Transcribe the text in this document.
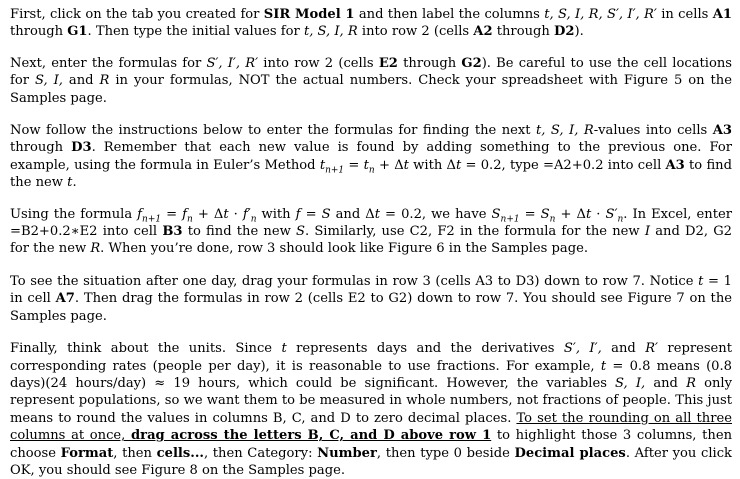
First, click on the tab you created for SIR Model 1 and then label the columns t, S, I, R, S′, I′, R′ in cells A1 through G1. Then type the initial values for t, S, I, R into row 2 (cells A2 through D2).

Next, enter the formulas for S′, I′, R′ into row 2 (cells E2 through G2). Be careful to use the cell locations for S, I, and R in your formulas, NOT the actual numbers. Check your spreadsheet with Figure 5 on the Samples page.

Now follow the instructions below to enter the formulas for finding the next t, S, I, R-values into cells A3 through D3. Remember that each new value is found by adding something to the previous one. For example, using the formula in Euler’s Method $t_{n+1} = t_n + \Delta t$ with Δt = 0.2, type =A2+0.2 into cell A3 to find the new t.

Using the formula $f_{n+1} = f_n + \Delta t \cdot f'_n$ with f = S and Δt = 0.2, we have $S_{n+1} = S_n + \Delta t \cdot S'_n$. In Excel, enter =B2+0.2∗E2 into cell B3 to find the new S. Similarly, use C2, F2 in the formula for the new I and D2, G2 for the new R. When you’re done, row 3 should look like Figure 6 in the Samples page.

To see the situation after one day, drag your formulas in row 3 (cells A3 to D3) down to row 7. Notice t = 1 in cell A7. Then drag the formulas in row 2 (cells E2 to G2) down to row 7. You should see Figure 7 on the Samples page.

Finally, think about the units. Since t represents days and the derivatives S′, I′, and R′ represent corresponding rates (people per day), it is reasonable to use fractions. For example, t = 0.8 means (0.8 days)(24 hours/day) ≈ 19 hours, which could be significant. However, the variables S, I, and R only represent populations, so we want them to be measured in whole numbers, not fractions of people. This just means to round the values in columns B, C, and D to zero decimal places. To set the rounding on all three columns at once, drag across the letters B, C, and D above row 1 to highlight those 3 columns, then choose Format, then cells..., then Category: Number, then type 0 beside Decimal places. After you click OK, you should see Figure 8 on the Samples page.
